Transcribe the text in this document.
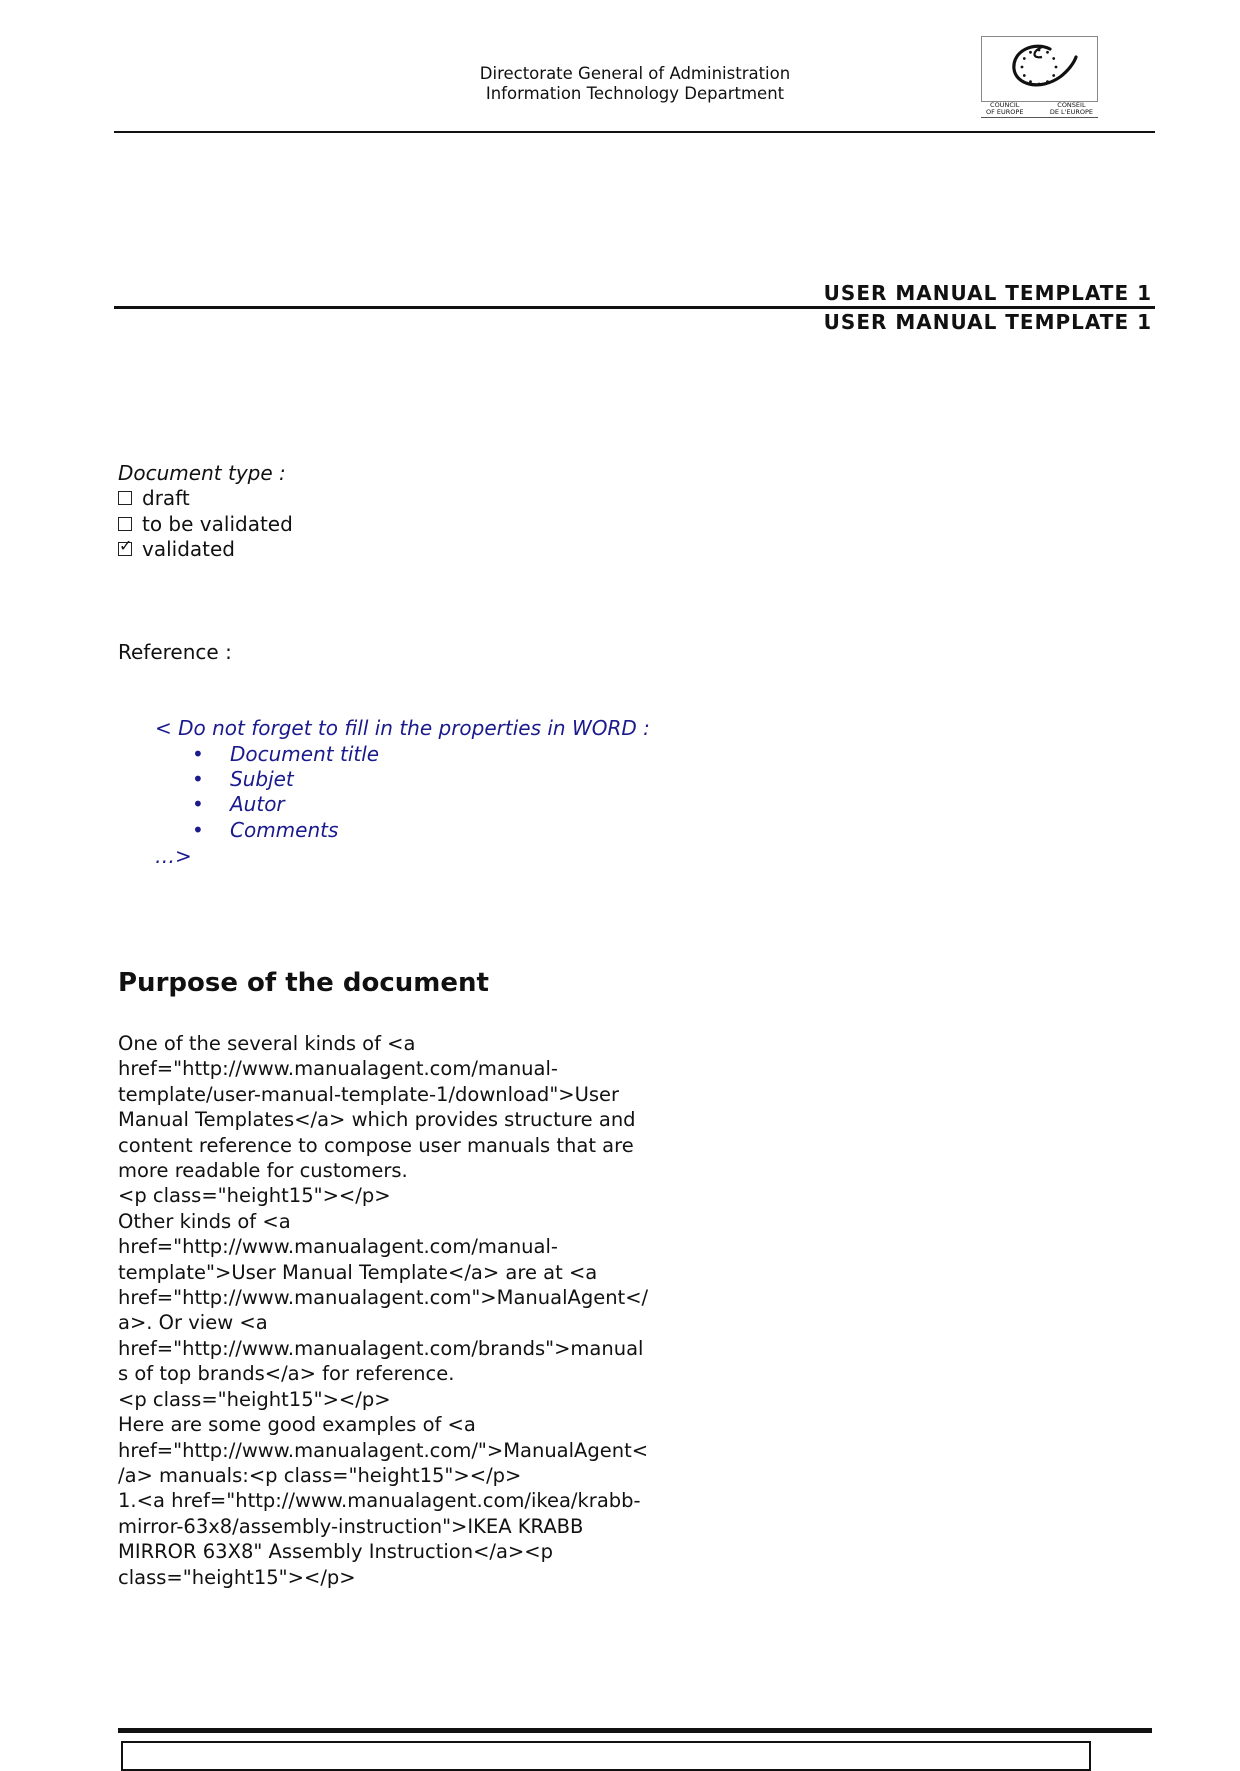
Directorate General of Administration
Information Technology Department
COUNCIL
OF EUROPE
CONSEIL
DE L'EUROPE
USER MANUAL TEMPLATE 1
USER MANUAL TEMPLATE 1
Document type :
draft
to be validated
✓ validated
Reference :
< Do not forget to fill in the properties in WORD :
•	Document title
•	Subjet
•	Autor
•	Comments
…>
Purpose of the document
One of the several kinds of <a
href="http://www.manualagent.com/manual-
template/user-manual-template-1/download">User
Manual Templates</a> which provides structure and
content reference to compose user manuals that are
more readable for customers.
<p class="height15"></p>
Other kinds of <a
href="http://www.manualagent.com/manual-
template">User Manual Template</a> are at <a
href="http://www.manualagent.com">ManualAgent</
a>. Or view <a
href="http://www.manualagent.com/brands">manual
s of top brands</a> for reference.
<p class="height15"></p>
Here are some good examples of <a
href="http://www.manualagent.com/">ManualAgent<
/a> manuals:<p class="height15"></p>
1.<a href="http://www.manualagent.com/ikea/krabb-
mirror-63x8/assembly-instruction">IKEA KRABB
MIRROR 63X8" Assembly Instruction</a><p
class="height15"></p>
